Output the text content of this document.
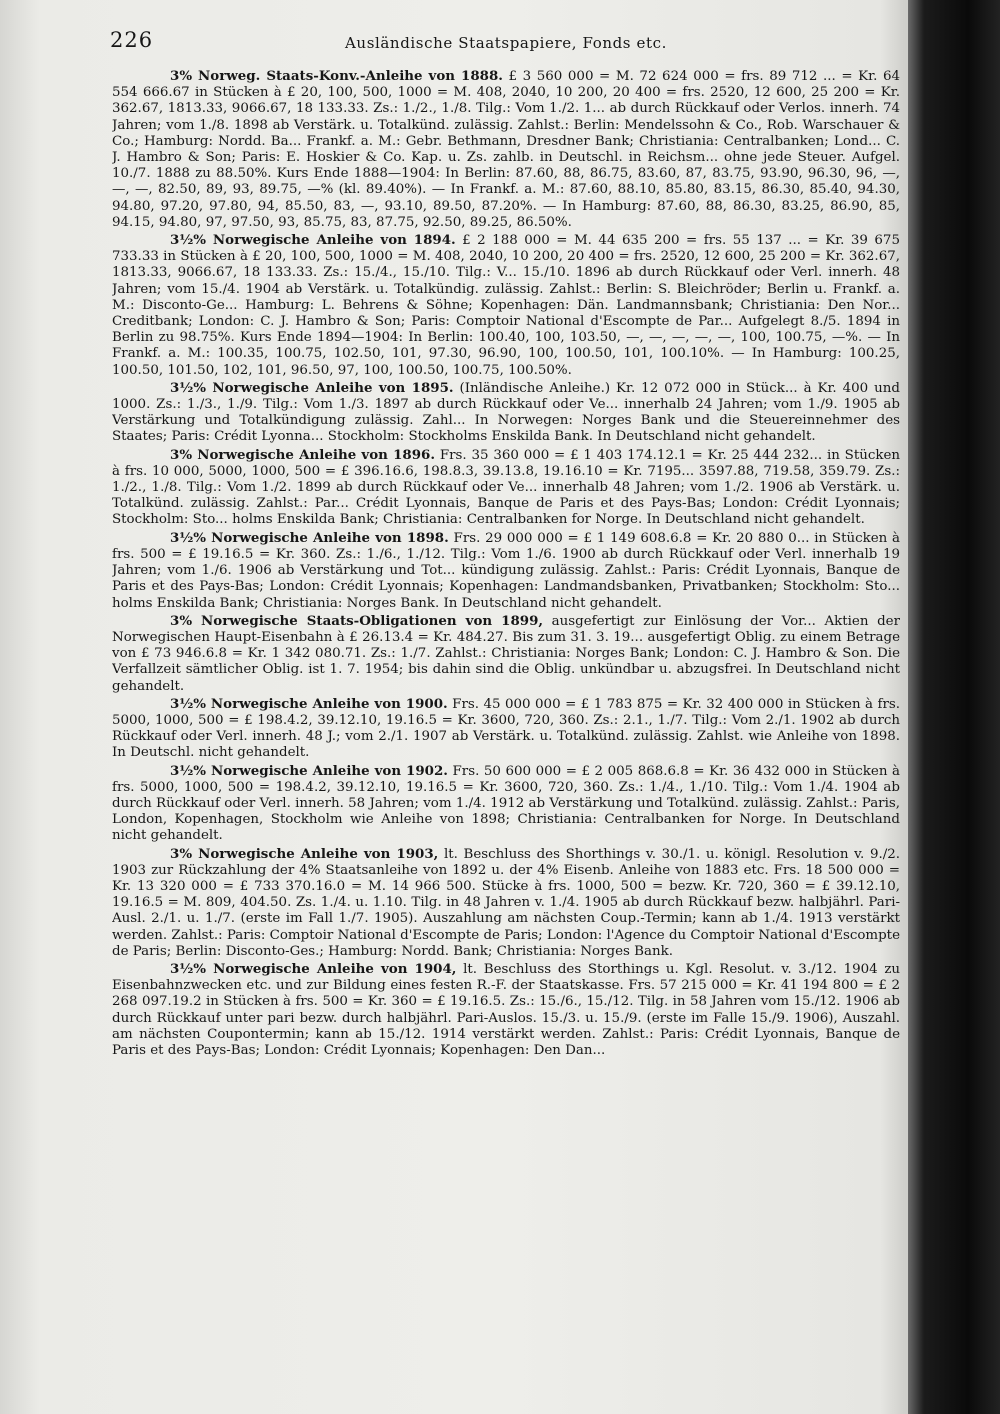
226	Ausländische Staatspapiere, Fonds etc.

3% Norweg. Staats-Konv.-Anleihe von 1888. £ 3 560 000 = M. 72 624 000 = frs. 89 712 ... = Kr. 64 554 666.67 in Stücken à £ 20, 100, 500, 1000 = M. 408, 2040, 10 200, 20 400 = frs. 2520, 12 600, 25 200 = Kr. 362.67, 1813.33, 9066.67, 18 133.33. Zs.: 1./2., 1./8. Tilg.: Vom 1./2. 1... ab durch Rückkauf oder Verlos. innerh. 74 Jahren; vom 1./8. 1898 ab Verstärk. u. Totalkünd. zulässig. Zahlst.: Berlin: Mendelssohn & Co., Rob. Warschauer & Co.; Hamburg: Nordd. Ba... Frankf. a. M.: Gebr. Bethmann, Dresdner Bank; Christiania: Centralbanken; Lond... C. J. Hambro & Son; Paris: E. Hoskier & Co. Kap. u. Zs. zahlb. in Deutschl. in Reichsm... ohne jede Steuer. Aufgel. 10./7. 1888 zu 88.50%. Kurs Ende 1888—1904: In Berlin: 87.60, 88, 86.75, 83.60, 87, 83.75, 93.90, 96.30, 96, —, —, —, 82.50, 89, 93, 89.75, —% (kl. 89.40%). — In Frankf. a. M.: 87.60, 88.10, 85.80, 83.15, 86.30, 85.40, 94.30, 94.80, 97.20, 97.80, 94, 85.50, 83, —, 93.10, 89.50, 87.20%. — In Hamburg: 87.60, 88, 86.30, 83.25, 86.90, 85, 94.15, 94.80, 97, 97.50, 93, 85.75, 83, 87.75, 92.50, 89.25, 86.50%.

3½% Norwegische Anleihe von 1894. £ 2 188 000 = M. 44 635 200 = frs. 55 137 ... = Kr. 39 675 733.33 in Stücken à £ 20, 100, 500, 1000 = M. 408, 2040, 10 200, 20 400 = frs. 2520, 12 600, 25 200 = Kr. 362.67, 1813.33, 9066.67, 18 133.33. Zs.: 15./4., 15./10. Tilg.: V... 15./10. 1896 ab durch Rückkauf oder Verl. innerh. 48 Jahren; vom 15./4. 1904 ab Verstärk. u. Totalkündig. zulässig. Zahlst.: Berlin: S. Bleichröder; Berlin u. Frankf. a. M.: Disconto-Ge... Hamburg: L. Behrens & Söhne; Kopenhagen: Dän. Landmannsbank; Christiania: Den Nor... Creditbank; London: C. J. Hambro & Son; Paris: Comptoir National d'Escompte de Par... Aufgelegt 8./5. 1894 in Berlin zu 98.75%. Kurs Ende 1894—1904: In Berlin: 100.40, 100, 103.50, —, —, —, —, —, 100, 100.75, —%. — In Frankf. a. M.: 100.35, 100.75, 102.50, 101, 97.30, 96.90, 100, 100.50, 101, 100.10%. — In Hamburg: 100.25, 100.50, 101.50, 102, 101, 96.50, 97, 100, 100.50, 100.75, 100.50%.

3½% Norwegische Anleihe von 1895. (Inländische Anleihe.) Kr. 12 072 000 in Stück... à Kr. 400 und 1000. Zs.: 1./3., 1./9. Tilg.: Vom 1./3. 1897 ab durch Rückkauf oder Ve... innerhalb 24 Jahren; vom 1./9. 1905 ab Verstärkung und Totalkündigung zulässig. Zahl... In Norwegen: Norges Bank und die Steuereinnehmer des Staates; Paris: Crédit Lyonna... Stockholm: Stockholms Enskilda Bank. In Deutschland nicht gehandelt.

3% Norwegische Anleihe von 1896. Frs. 35 360 000 = £ 1 403 174.12.1 = Kr. 25 444 232... in Stücken à frs. 10 000, 5000, 1000, 500 = £ 396.16.6, 198.8.3, 39.13.8, 19.16.10 = Kr. 7195... 3597.88, 719.58, 359.79. Zs.: 1./2., 1./8. Tilg.: Vom 1./2. 1899 ab durch Rückkauf oder Ve... innerhalb 48 Jahren; vom 1./2. 1906 ab Verstärk. u. Totalkünd. zulässig. Zahlst.: Par... Crédit Lyonnais, Banque de Paris et des Pays-Bas; London: Crédit Lyonnais; Stockholm: Sto... holms Enskilda Bank; Christiania: Centralbanken for Norge. In Deutschland nicht gehandelt.

3½% Norwegische Anleihe von 1898. Frs. 29 000 000 = £ 1 149 608.6.8 = Kr. 20 880 0... in Stücken à frs. 500 = £ 19.16.5 = Kr. 360. Zs.: 1./6., 1./12. Tilg.: Vom 1./6. 1900 ab durch Rückkauf oder Verl. innerhalb 19 Jahren; vom 1./6. 1906 ab Verstärkung und Tot... kündigung zulässig. Zahlst.: Paris: Crédit Lyonnais, Banque de Paris et des Pays-Bas; London: Crédit Lyonnais; Kopenhagen: Landmandsbanken, Privatbanken; Stockholm: Sto... holms Enskilda Bank; Christiania: Norges Bank. In Deutschland nicht gehandelt.

3% Norwegische Staats-Obligationen von 1899, ausgefertigt zur Einlösung der Vor... Aktien der Norwegischen Haupt-Eisenbahn à £ 26.13.4 = Kr. 484.27. Bis zum 31. 3. 19... ausgefertigt Oblig. zu einem Betrage von £ 73 946.6.8 = Kr. 1 342 080.71. Zs.: 1./7. Zahlst.: Christiania: Norges Bank; London: C. J. Hambro & Son. Die Verfallzeit sämtlicher Oblig. ist 1. 7. 1954; bis dahin sind die Oblig. unkündbar u. abzugsfrei. In Deutschland nicht gehandelt.

3½% Norwegische Anleihe von 1900. Frs. 45 000 000 = £ 1 783 875 = Kr. 32 400 000 in Stücken à frs. 5000, 1000, 500 = £ 198.4.2, 39.12.10, 19.16.5 = Kr. 3600, 720, 360. Zs.: 2.1., 1./7. Tilg.: Vom 2./1. 1902 ab durch Rückkauf oder Verl. innerh. 48 J.; vom 2./1. 1907 ab Verstärk. u. Totalkünd. zulässig. Zahlst. wie Anleihe von 1898. In Deutschl. nicht gehandelt.

3½% Norwegische Anleihe von 1902. Frs. 50 600 000 = £ 2 005 868.6.8 = Kr. 36 432 000 in Stücken à frs. 5000, 1000, 500 = 198.4.2, 39.12.10, 19.16.5 = Kr. 3600, 720, 360. Zs.: 1./4., 1./10. Tilg.: Vom 1./4. 1904 ab durch Rückkauf oder Verl. innerh. 58 Jahren; vom 1./4. 1912 ab Verstärkung und Totalkünd. zulässig. Zahlst.: Paris, London, Kopenhagen, Stockholm wie Anleihe von 1898; Christiania: Centralbanken for Norge. In Deutschland nicht gehandelt.

3% Norwegische Anleihe von 1903, lt. Beschluss des Shorthings v. 30./1. u. königl. Resolution v. 9./2. 1903 zur Rückzahlung der 4% Staatsanleihe von 1892 u. der 4% Eisenb. Anleihe von 1883 etc. Frs. 18 500 000 = Kr. 13 320 000 = £ 733 370.16.0 = M. 14 966 500. Stücke à frs. 1000, 500 = bezw. Kr. 720, 360 = £ 39.12.10, 19.16.5 = M. 809, 404.50. Zs. 1./4. u. 1.10. Tilg. in 48 Jahren v. 1./4. 1905 ab durch Rückkauf bezw. halbjährl. Pari-Ausl. 2./1. u. 1./7. (erste im Fall 1./7. 1905). Auszahlung am nächsten Coup.-Termin; kann ab 1./4. 1913 verstärkt werden. Zahlst.: Paris: Comptoir National d'Escompte de Paris; London: l'Agence du Comptoir National d'Escompte de Paris; Berlin: Disconto-Ges.; Hamburg: Nordd. Bank; Christiania: Norges Bank.

3½% Norwegische Anleihe von 1904, lt. Beschluss des Storthings u. Kgl. Resolut. v. 3./12. 1904 zu Eisenbahnzwecken etc. und zur Bildung eines festen R.-F. der Staatskasse. Frs. 57 215 000 = Kr. 41 194 800 = £ 2 268 097.19.2 in Stücken à frs. 500 = Kr. 360 = £ 19.16.5. Zs.: 15./6., 15./12. Tilg. in 58 Jahren vom 15./12. 1906 ab durch Rückkauf unter pari bezw. durch halbjährl. Pari-Auslos. 15./3. u. 15./9. (erste im Falle 15./9. 1906), Auszahl. am nächsten Coupontermin; kann ab 15./12. 1914 verstärkt werden. Zahlst.: Paris: Crédit Lyonnais, Banque de Paris et des Pays-Bas; London: Crédit Lyonnais; Kopenhagen: Den Dan...
